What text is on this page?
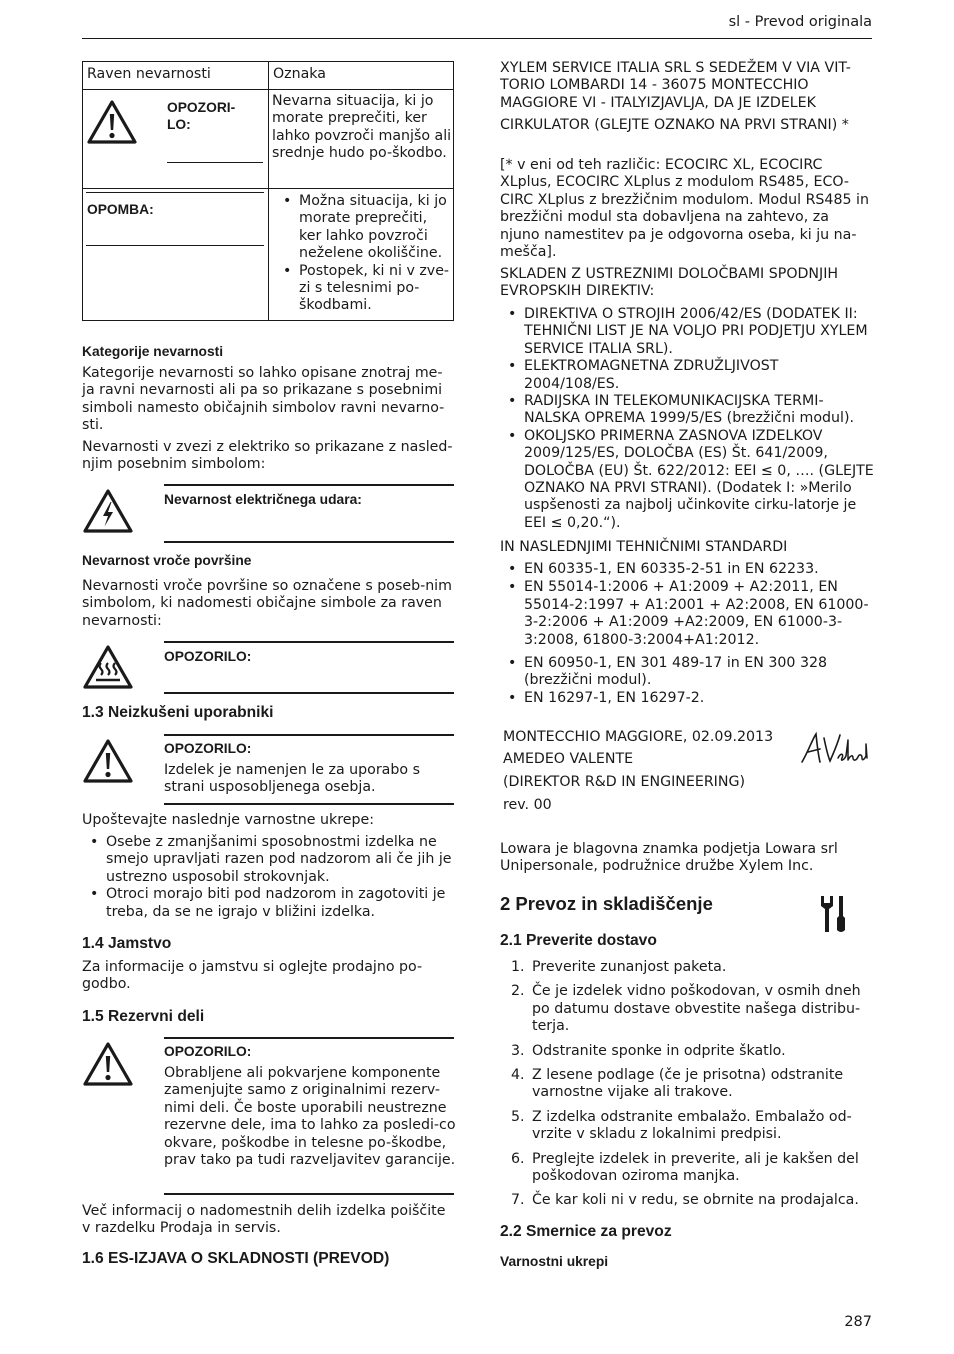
sl - Prevod originala
Raven nevarnosti	Oznaka
OPOZORI-
LO:
Nevarna situacija, ki jo morate preprečiti, ker lahko povzroči manjšo ali srednje hudo po-škodbo.
OPOMBA:
• Možna situacija, ki jo morate preprečiti, ker lahko povzroči neželene okoliščine.
• Postopek, ki ni v zve-zi s telesnimi po-škodbami.
Kategorije nevarnosti

Kategorije nevarnosti so lahko opisane znotraj me-ja ravni nevarnosti ali pa so prikazane s posebnimi simboli namesto običajnih simbolov ravni nevarno-sti.

Nevarnosti v zvezi z elektriko so prikazane z nasled-njim posebnim simbolom:

Nevarnost električnega udara:
Nevarnost vroče površine

Nevarnosti vroče površine so označene s poseb-nim simbolom, ki nadomesti običajne simbole za raven nevarnosti:

OPOZORILO:
1.3 Neizkušeni uporabniki
OPOZORILO:

Izdelek je namenjen le za uporabo s strani usposobljenega osebja.

Upoštevajte naslednje varnostne ukrepe:

• Osebe z zmanjšanimi sposobnostmi izdelka ne smejo upravljati razen pod nadzorom ali če jih je ustrezno usposobil strokovnjak.
• Otroci morajo biti pod nadzorom in zagotoviti je treba, da se ne igrajo v bližini izdelka.
1.4 Jamstvo

Za informacije o jamstvu si oglejte prodajno po-godbo.

1.5 Rezervni deli
OPOZORILO:

Obrabljene ali pokvarjene komponente zamenjujte samo z originalnimi rezerv-nimi deli. Če boste uporabili neustrezne rezervne dele, ima to lahko za posledi-co okvare, poškodbe in telesne po-škodbe, prav tako pa tudi razveljavitev garancije.

Več informacij o nadomestnih delih izdelka poiščite v razdelku Prodaja in servis.

1.6 ES-IZJAVA O SKLADNOSTI (PREVOD)

XYLEM SERVICE ITALIA SRL S SEDEŽEM V VIA VIT-TORIO LOMBARDI 14 - 36075 MONTECCHIO MAGGIORE VI - ITALYIZJAVLJA, DA JE IZDELEK

CIRKULATOR (GLEJTE OZNAKO NA PRVI STRANI) *

[* v eni od teh različic: ECOCIRC XL, ECOCIRC XLplus, ECOCIRC XLplus z modulom RS485, ECO-CIRC XLplus z brezžičnim modulom. Modul RS485 in brezžični modul sta dobavljena na zahtevo, za njuno namestitev pa je odgovorna oseba, ki ju na-mešča].

SKLADEN Z USTREZNIMI DOLOČBAMI SPODNJIH EVROPSKIH DIREKTIV:

• DIREKTIVA O STROJIH 2006/42/ES (DODATEK II: TEHNIČNI LIST JE NA VOLJO PRI PODJETJU XYLEM SERVICE ITALIA SRL).
• ELEKTROMAGNETNA ZDRUŽLJIVOST 2004/108/ES.
• RADIJSKA IN TELEKOMUNIKACIJSKA TERMI-NALSKA OPREMA 1999/5/ES (brezžični modul).
• OKOLJSKO PRIMERNA ZASNOVA IZDELKOV 2009/125/ES, DOLOČBA (ES) Št. 641/2009, DOLOČBA (EU) Št. 622/2012: EEI ≤ 0, …. (GLEJTE OZNAKO NA PRVI STRANI). (Dodatek I: »Merilo uspšenosti za najbolj učinkovite cirku-latorje je EEI ≤ 0,20.“).

IN NASLEDNJIMI TEHNIČNIMI STANDARDI

• EN 60335-1, EN 60335-2-51 in EN 62233.
• EN 55014-1:2006 + A1:2009 + A2:2011, EN 55014-2:1997 + A1:2001 + A2:2008, EN 61000-3-2:2006 + A1:2009 +A2:2009, EN 61000-3-3:2008, 61800-3:2004+A1:2012.
• EN 60950-1, EN 301 489-17 in EN 300 328 (brezžični modul).
• EN 16297-1, EN 16297-2.
MONTECCHIO MAGGIORE, 02.09.2013
AMEDEO VALENTE
(DIREKTOR R&D IN ENGINEERING)
rev. 00

Lowara je blagovna znamka podjetja Lowara srl Unipersonale, podružnice družbe Xylem Inc.

2 Prevoz in skladiščenje
2.1 Preverite dostavo
1. Preverite zunanjost paketa.
2. Če je izdelek vidno poškodovan, v osmih dneh po datumu dostave obvestite našega distribu-terja.
3. Odstranite sponke in odprite škatlo.
4. Z lesene podlage (če je prisotna) odstranite varnostne vijake ali trakove.
5. Z izdelka odstranite embalažo. Embalažo od-vrzite v skladu z lokalnimi predpisi.
6. Preglejte izdelek in preverite, ali je kakšen del poškodovan oziroma manjka.
7. Če kar koli ni v redu, se obrnite na prodajalca.
2.2 Smernice za prevoz
Varnostni ukrepi
287
